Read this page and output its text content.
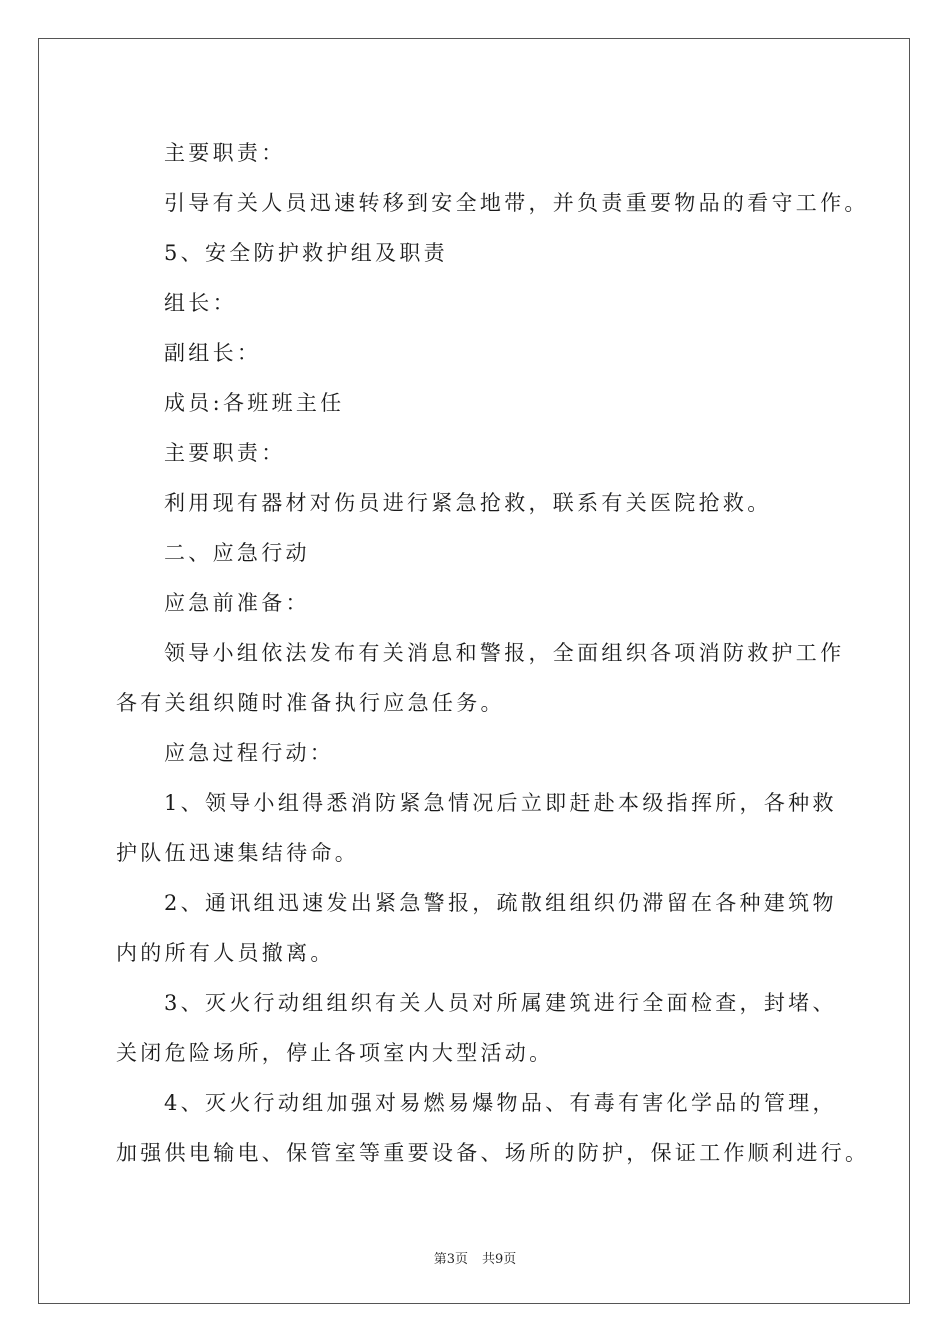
主要职责：

引导有关人员迅速转移到安全地带，并负责重要物品的看守工作。

5、安全防护救护组及职责

组长：

副组长：

成员:各班班主任

主要职责：

利用现有器材对伤员进行紧急抢救，联系有关医院抢救。

二、应急行动

应急前准备：

领导小组依法发布有关消息和警报，全面组织各项消防救护工作

各有关组织随时准备执行应急任务。

应急过程行动：

1、领导小组得悉消防紧急情况后立即赶赴本级指挥所，各种救

护队伍迅速集结待命。

2、通讯组迅速发出紧急警报，疏散组组织仍滞留在各种建筑物

内的所有人员撤离。

3、灭火行动组组织有关人员对所属建筑进行全面检查，封堵、

关闭危险场所，停止各项室内大型活动。

4、灭火行动组加强对易燃易爆物品、有毒有害化学品的管理，

加强供电输电、保管室等重要设备、场所的防护，保证工作顺利进行。

第3页 共9页
